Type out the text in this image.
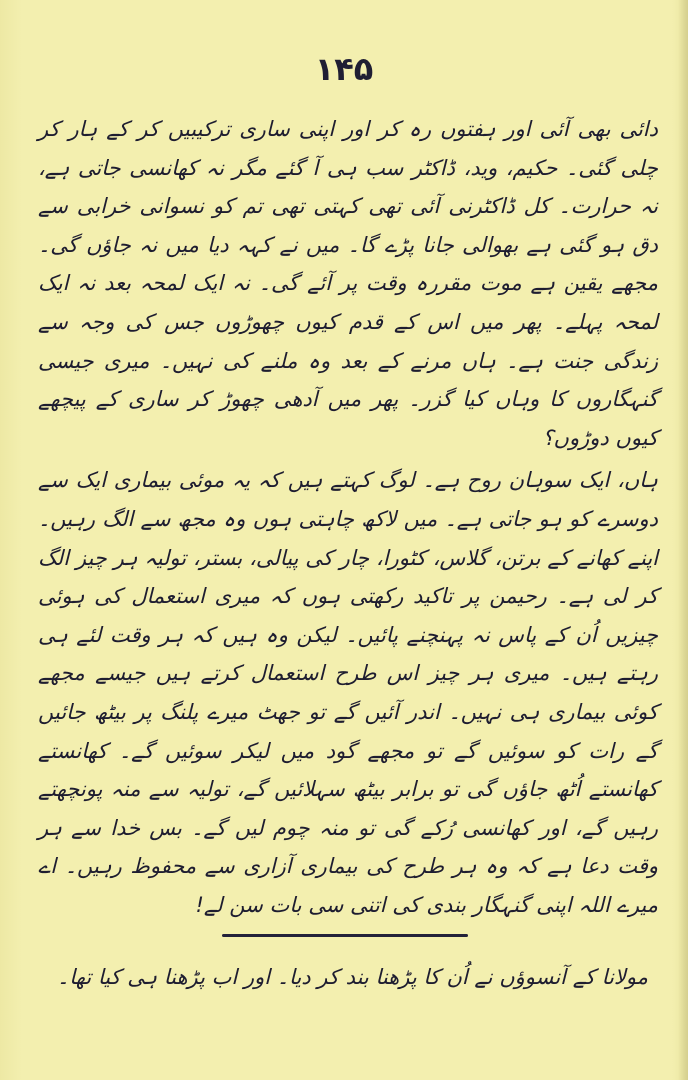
۱۴۵

دائی بھی آئی اور ہفتوں رہ کر اور اپنی ساری ترکیبیں کر کے ہار کر چلی گئی۔ حکیم، وید، ڈاکٹر سب ہی آ گئے مگر نہ کھانسی جاتی ہے، نہ حرارت۔ کل ڈاکٹرنی آئی تھی کہتی تھی تم کو نسوانی خرابی سے دق ہو گئی ہے بھوالی جانا پڑے گا۔ میں نے کہہ دیا میں نہ جاؤں گی۔ مجھے یقین ہے موت مقررہ وقت پر آئے گی۔ نہ ایک لمحہ بعد نہ ایک لمحہ پہلے۔ پھر میں اس کے قدم کیوں چھوڑوں جس کی وجہ سے زندگی جنت ہے۔ ہاں مرنے کے بعد وہ ملنے کی نہیں۔ میری جیسی گنہگاروں کا وہاں کیا گزر۔ پھر میں آدھی چھوڑ کر ساری کے پیچھے کیوں دوڑوں؟

ہاں، ایک سوہان روح ہے۔ لوگ کہتے ہیں کہ یہ موئی بیماری ایک سے دوسرے کو ہو جاتی ہے۔ میں لاکھ چاہتی ہوں وہ مجھ سے الگ رہیں۔ اپنے کھانے کے برتن، گلاس، کٹورا، چار کی پیالی، بستر، تولیہ ہر چیز الگ کر لی ہے۔ رحیمن پر تاکید رکھتی ہوں کہ میری استعمال کی ہوئی چیزیں اُن کے پاس نہ پہنچنے پائیں۔ لیکن وہ ہیں کہ ہر وقت لئے ہی رہتے ہیں۔ میری ہر چیز اس طرح استعمال کرتے ہیں جیسے مجھے کوئی بیماری ہی نہیں۔ اندر آئیں گے تو جھٹ میرے پلنگ پر بیٹھ جائیں گے رات کو سوئیں گے تو مجھے گود میں لیکر سوئیں گے۔ کھانستے کھانستے اُٹھ جاؤں گی تو برابر بیٹھ سہلائیں گے، تولیہ سے منہ پونچھتے رہیں گے، اور کھانسی رُکے گی تو منہ چوم لیں گے۔ بس خدا سے ہر وقت دعا ہے کہ وہ ہر طرح کی بیماری آزاری سے محفوظ رہیں۔ اے میرے اللہ اپنی گنہگار بندی کی اتنی سی بات سن لے!

مولانا کے آنسوؤں نے اُن کا پڑھنا بند کر دیا۔ اور اب پڑھنا ہی کیا تھا۔
